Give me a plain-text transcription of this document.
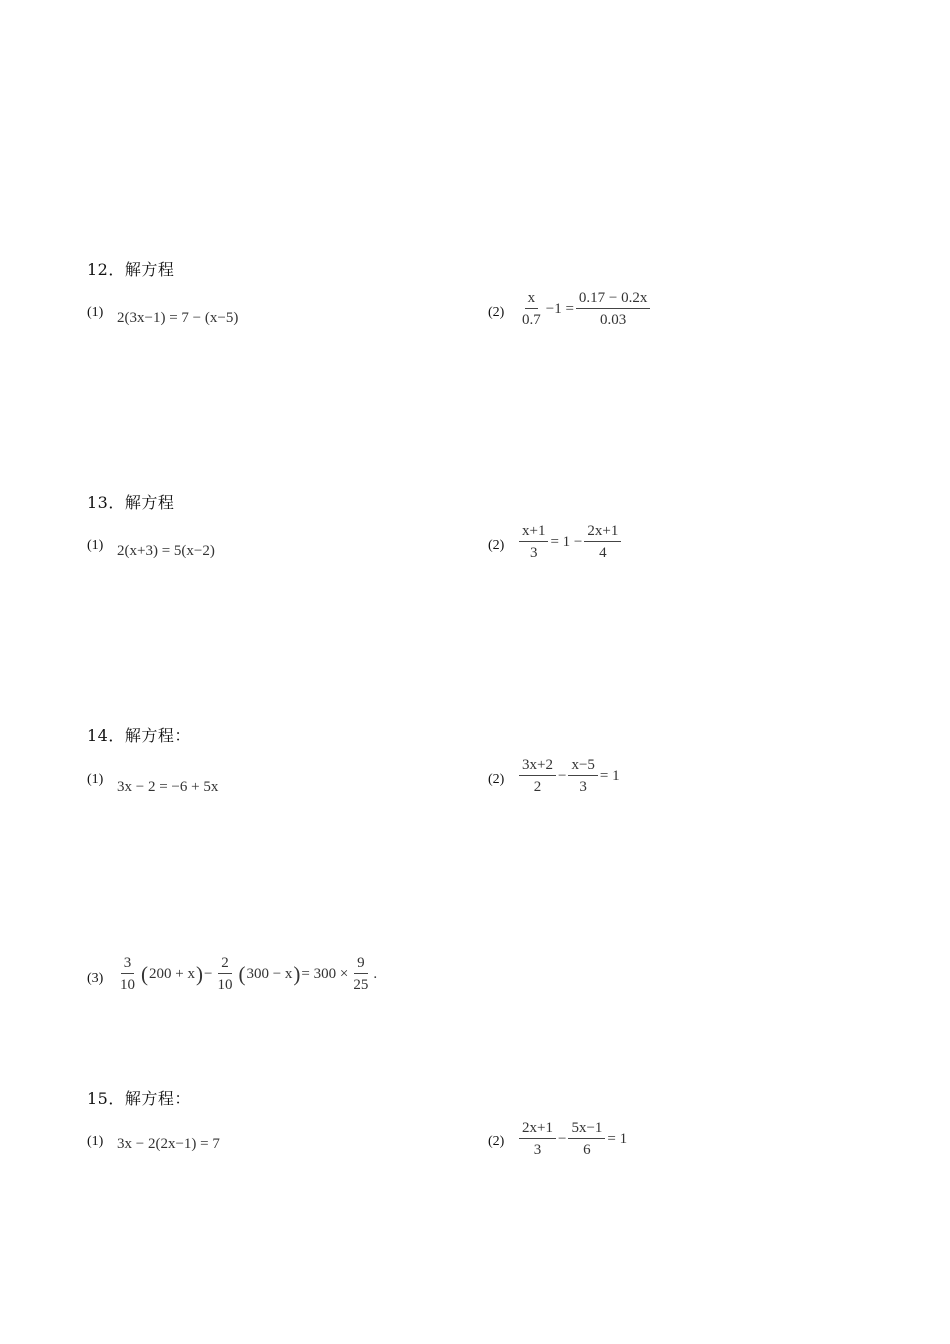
12．解方程
(1) 2(3x−1) = 7 − (x−5)	$(2) \frac{x}{0.7} -1 = \frac{0.17 - 0.2x}{0.03}$
13．解方程
(1) 2(x+3) = 5(x−2)	$(2) \frac{x+1}{3} = 1 - \frac{2x+1}{4}$
14．解方程：
(1) 3x − 2 = −6 + 5x	$(2) \frac{3x+2}{2} - \frac{x-5}{3} = 1$
$(3) \frac{3}{10}$ ( 200 + x ) − $\frac{2}{10}$ ( 300 − x ) = $300 \times \frac{9}{25}$ .
15．解方程：
(1) 3x − 2(2x−1) = 7	$(2) \frac{2x+1}{3} - \frac{5x-1}{6} = 1$
